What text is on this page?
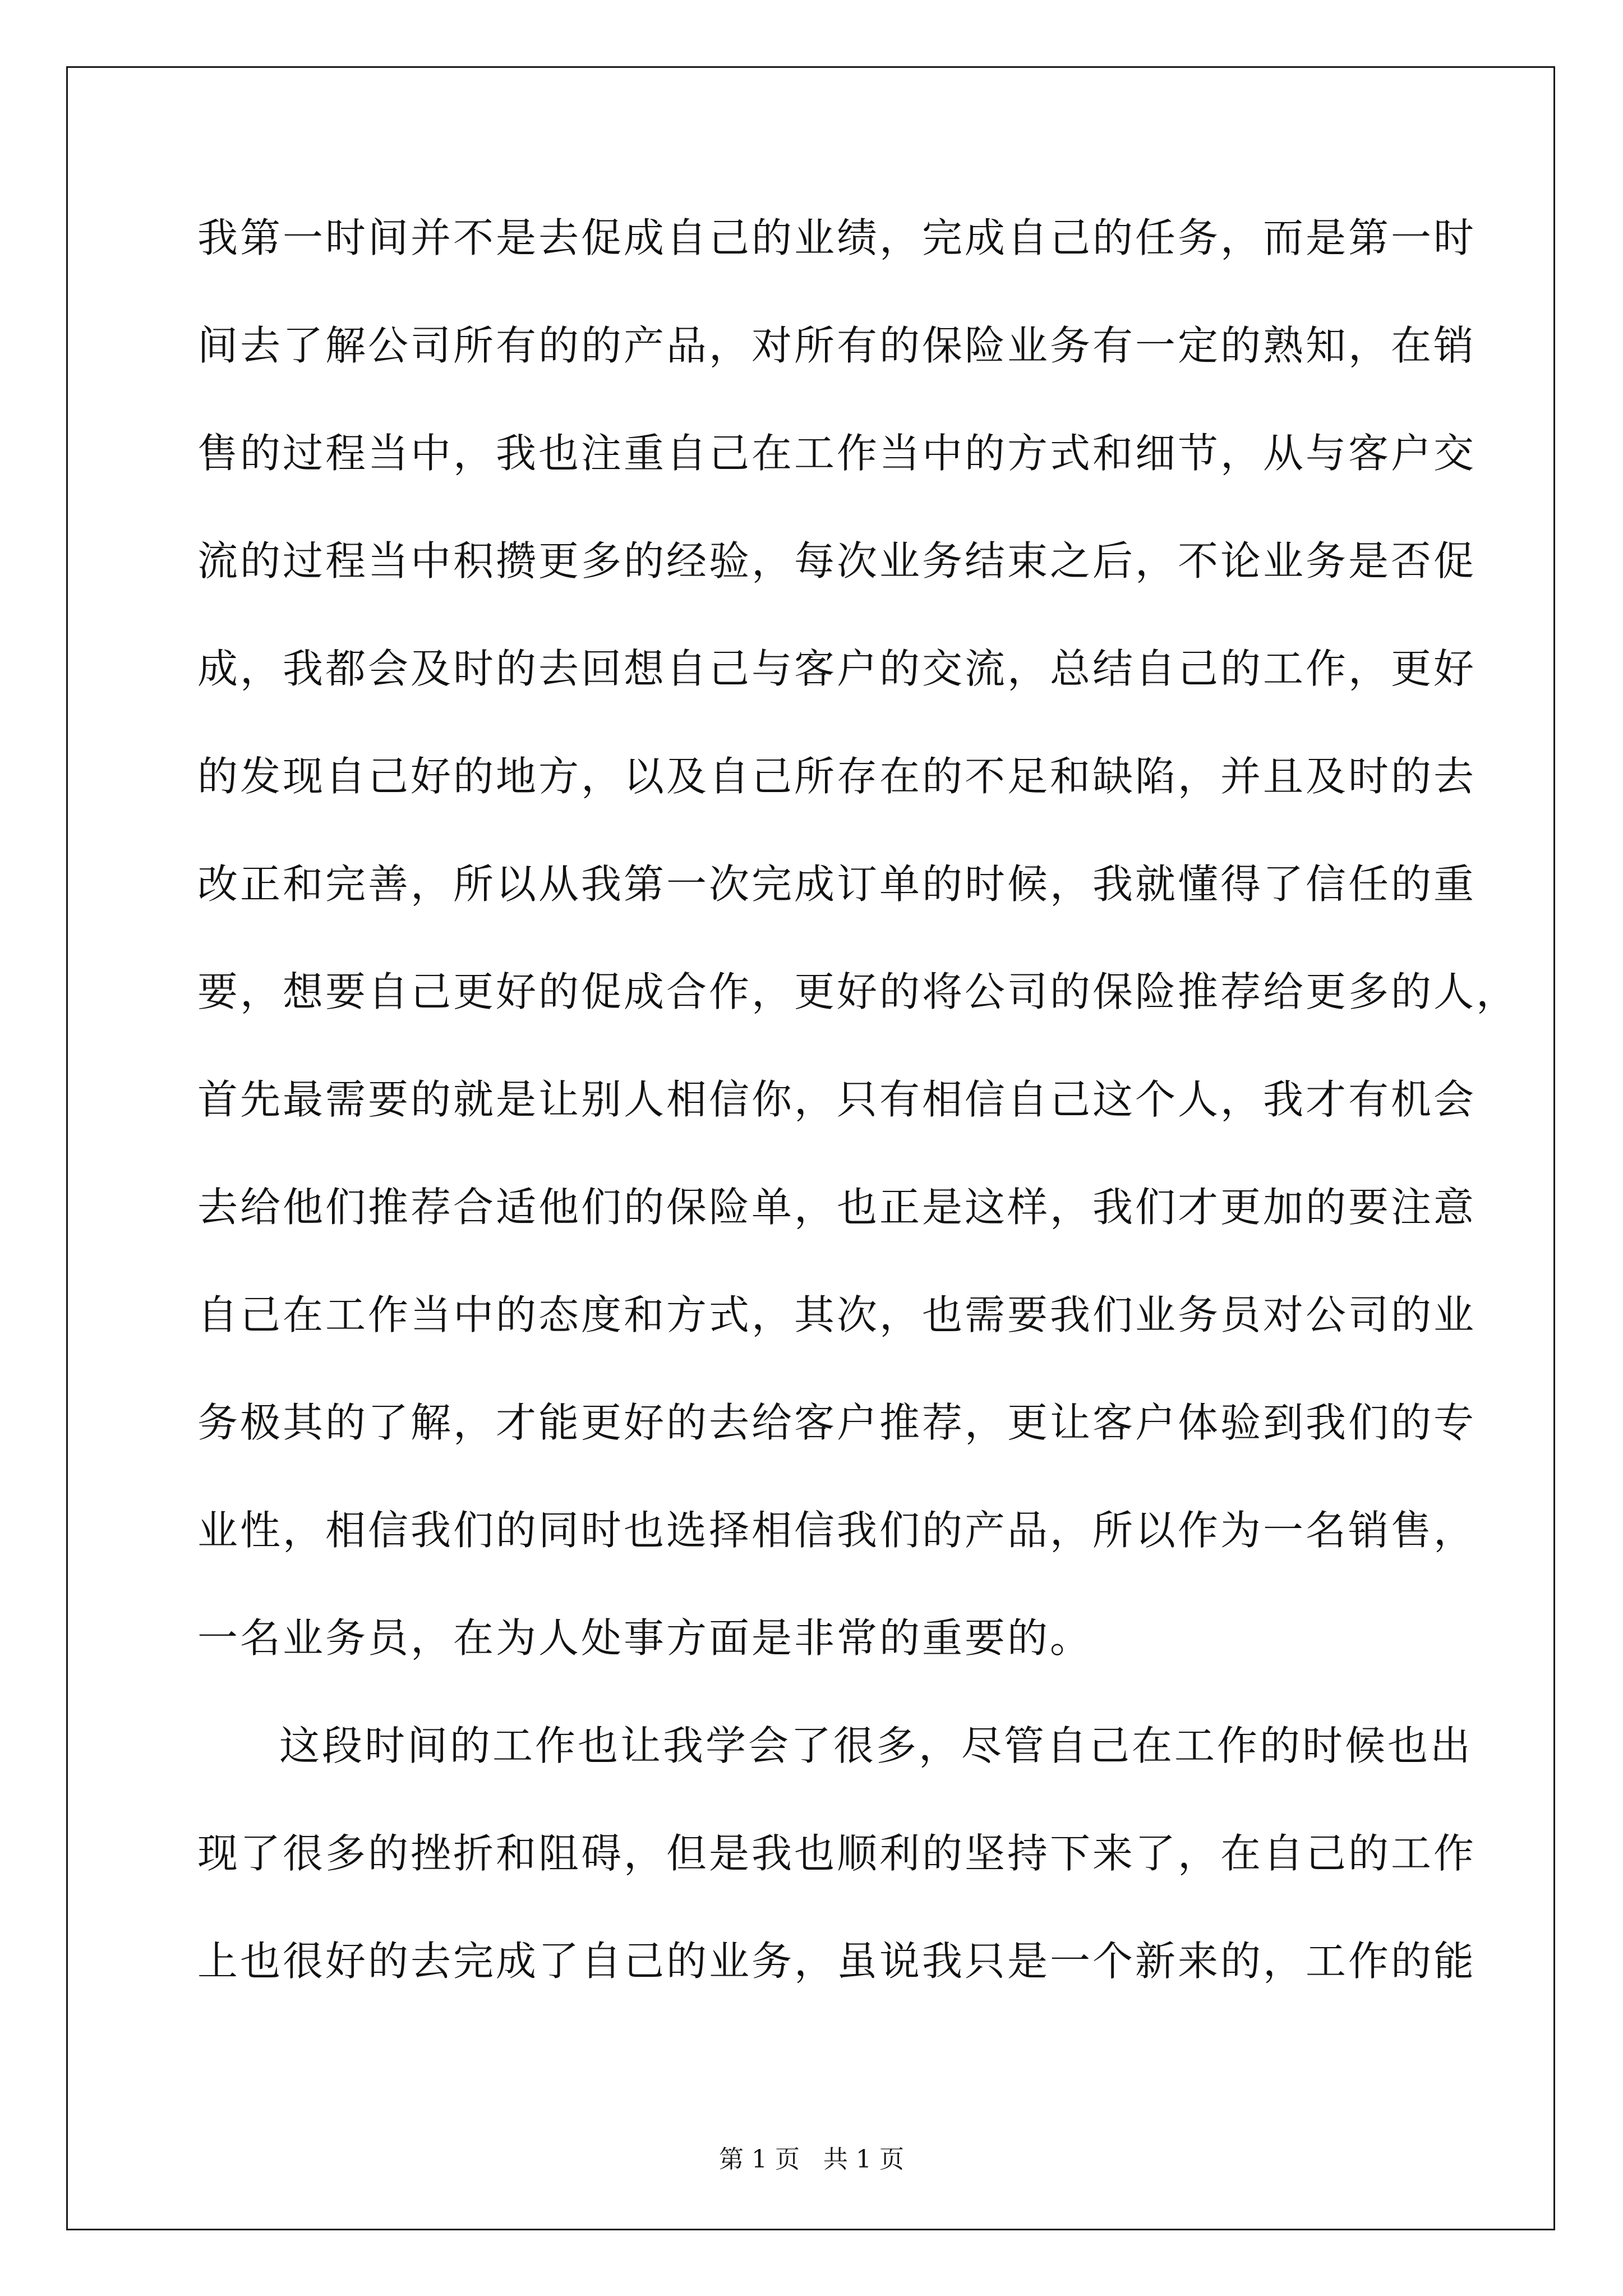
我第一时间并不是去促成自己的业绩，完成自己的任务，而是第一时
间去了解公司所有的的产品，对所有的保险业务有一定的熟知，在销
售的过程当中，我也注重自己在工作当中的方式和细节，从与客户交
流的过程当中积攒更多的经验，每次业务结束之后，不论业务是否促
成，我都会及时的去回想自己与客户的交流，总结自己的工作，更好
的发现自己好的地方，以及自己所存在的不足和缺陷，并且及时的去
改正和完善，所以从我第一次完成订单的时候，我就懂得了信任的重
要，想要自己更好的促成合作，更好的将公司的保险推荐给更多的人，
首先最需要的就是让别人相信你，只有相信自己这个人，我才有机会
去给他们推荐合适他们的保险单，也正是这样，我们才更加的要注意
自己在工作当中的态度和方式，其次，也需要我们业务员对公司的业
务极其的了解，才能更好的去给客户推荐，更让客户体验到我们的专
业性，相信我们的同时也选择相信我们的产品，所以作为一名销售，
一名业务员，在为人处事方面是非常的重要的。
这段时间的工作也让我学会了很多，尽管自己在工作的时候也出
现了很多的挫折和阻碍，但是我也顺利的坚持下来了，在自己的工作
上也很好的去完成了自己的业务，虽说我只是一个新来的，工作的能
第 1 页   共 1 页
